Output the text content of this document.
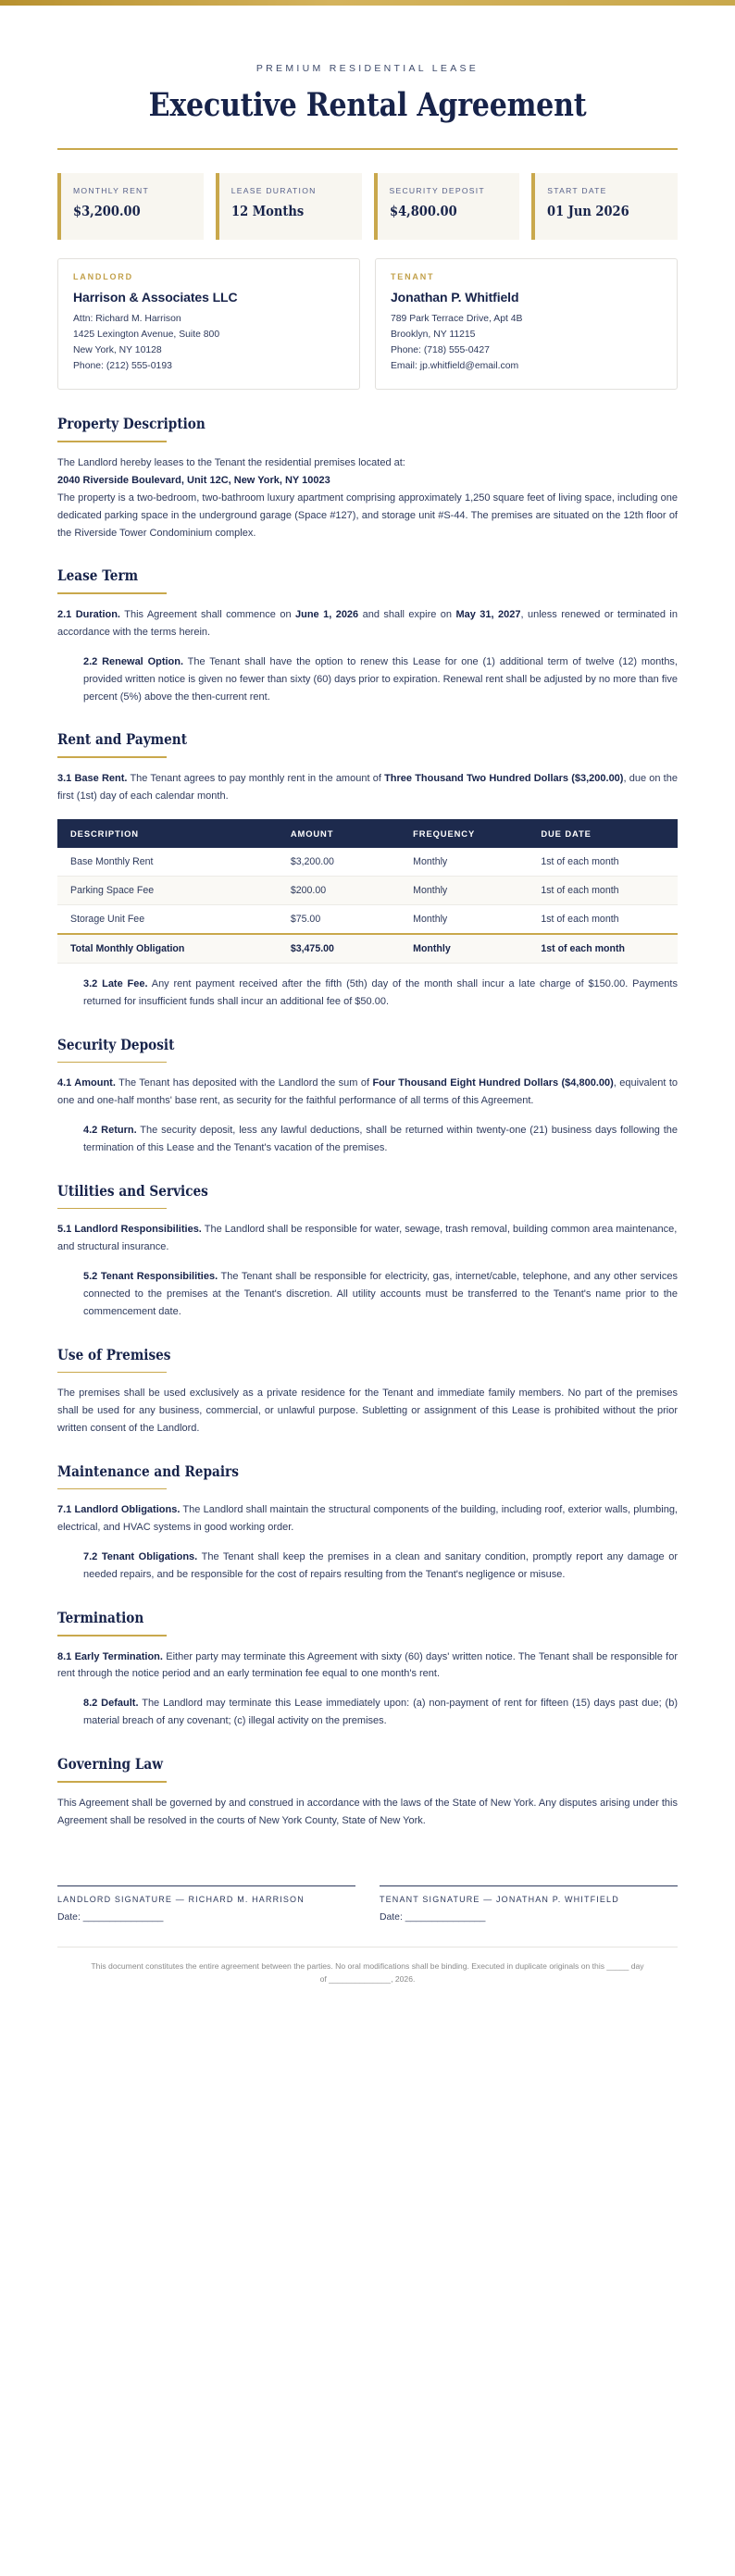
PREMIUM RESIDENTIAL LEASE
Executive Rental Agreement
MONTHLY RENT
$3,200.00
LEASE DURATION
12 Months
SECURITY DEPOSIT
$4,800.00
START DATE
01 Jun 2026
LANDLORD
Harrison & Associates LLC
Attn: Richard M. Harrison
1425 Lexington Avenue, Suite 800
New York, NY 10128
Phone: (212) 555-0193
TENANT
Jonathan P. Whitfield
789 Park Terrace Drive, Apt 4B
Brooklyn, NY 11215
Phone: (718) 555-0427
Email: jp.whitfield@email.com
Property Description
The Landlord hereby leases to the Tenant the residential premises located at:
2040 Riverside Boulevard, Unit 12C, New York, NY 10023
The property is a two-bedroom, two-bathroom luxury apartment comprising approximately 1,250 square feet of living space, including one dedicated parking space in the underground garage (Space #127), and storage unit #S-44. The premises are situated on the 12th floor of the Riverside Tower Condominium complex.
Lease Term
2.1 Duration. This Agreement shall commence on June 1, 2026 and shall expire on May 31, 2027, unless renewed or terminated in accordance with the terms herein.
2.2 Renewal Option. The Tenant shall have the option to renew this Lease for one (1) additional term of twelve (12) months, provided written notice is given no fewer than sixty (60) days prior to expiration. Renewal rent shall be adjusted by no more than five percent (5%) above the then-current rent.
Rent and Payment
3.1 Base Rent. The Tenant agrees to pay monthly rent in the amount of Three Thousand Two Hundred Dollars ($3,200.00), due on the first (1st) day of each calendar month.
DESCRIPTION	AMOUNT	FREQUENCY	DUE DATE
Base Monthly Rent	$3,200.00	Monthly	1st of each month
Parking Space Fee	$200.00	Monthly	1st of each month
Storage Unit Fee	$75.00	Monthly	1st of each month
Total Monthly Obligation	$3,475.00	Monthly	1st of each month
3.2 Late Fee. Any rent payment received after the fifth (5th) day of the month shall incur a late charge of $150.00. Payments returned for insufficient funds shall incur an additional fee of $50.00.
Security Deposit
4.1 Amount. The Tenant has deposited with the Landlord the sum of Four Thousand Eight Hundred Dollars ($4,800.00), equivalent to one and one-half months' base rent, as security for the faithful performance of all terms of this Agreement.
4.2 Return. The security deposit, less any lawful deductions, shall be returned within twenty-one (21) business days following the termination of this Lease and the Tenant's vacation of the premises.
Utilities and Services
5.1 Landlord Responsibilities. The Landlord shall be responsible for water, sewage, trash removal, building common area maintenance, and structural insurance.
5.2 Tenant Responsibilities. The Tenant shall be responsible for electricity, gas, internet/cable, telephone, and any other services connected to the premises at the Tenant's discretion. All utility accounts must be transferred to the Tenant's name prior to the commencement date.
Use of Premises
The premises shall be used exclusively as a private residence for the Tenant and immediate family members. No part of the premises shall be used for any business, commercial, or unlawful purpose. Subletting or assignment of this Lease is prohibited without the prior written consent of the Landlord.
Maintenance and Repairs
7.1 Landlord Obligations. The Landlord shall maintain the structural components of the building, including roof, exterior walls, plumbing, electrical, and HVAC systems in good working order.
7.2 Tenant Obligations. The Tenant shall keep the premises in a clean and sanitary condition, promptly report any damage or needed repairs, and be responsible for the cost of repairs resulting from the Tenant's negligence or misuse.
Termination
8.1 Early Termination. Either party may terminate this Agreement with sixty (60) days' written notice. The Tenant shall be responsible for rent through the notice period and an early termination fee equal to one month's rent.
8.2 Default. The Landlord may terminate this Lease immediately upon: (a) non-payment of rent for fifteen (15) days past due; (b) material breach of any covenant; (c) illegal activity on the premises.
Governing Law
This Agreement shall be governed by and construed in accordance with the laws of the State of New York. Any disputes arising under this Agreement shall be resolved in the courts of New York County, State of New York.
LANDLORD SIGNATURE — RICHARD M. HARRISON
Date: _______________
TENANT SIGNATURE — JONATHAN P. WHITFIELD
Date: _______________
This document constitutes the entire agreement between the parties. No oral modifications shall be binding. Executed in duplicate originals on this _____ day of ______________, 2026.
